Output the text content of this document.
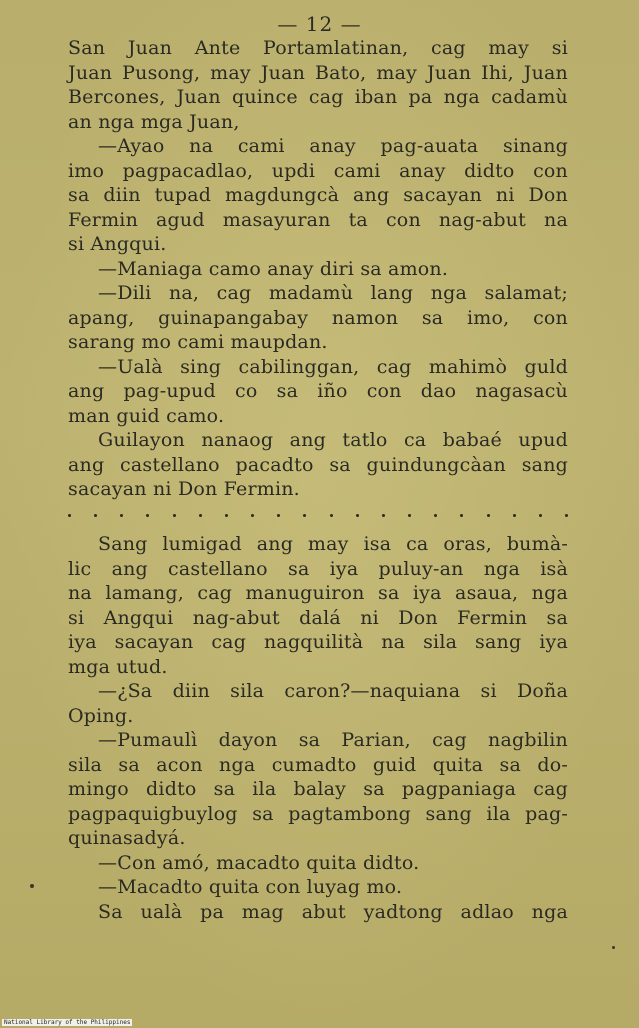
— 12 —
San Juan Ante Portamlatinan, cag may si
Juan Pusong, may Juan Bato, may Juan Ihi, Juan
Bercones, Juan quince cag iban pa nga cadamù
an nga mga Juan,
—Ayao na cami anay pag-auata sinang
imo pagpacadlao, updi cami anay didto con
sa diin tupad magdungcà ang sacayan ni Don
Fermin agud masayuran ta con nag-abut na
si Angqui.
—Maniaga camo anay diri sa amon.
—Dili na, cag madamù lang nga salamat;
apang, guinapangabay namon sa imo, con
sarang mo cami maupdan.
—Ualà sing cabilinggan, cag mahimò guld
ang pag-upud co sa iño con dao nagasacù
man guid camo.
Guilayon nanaog ang tatlo ca babaé upud
ang castellano pacadto sa guindungcàan sang
sacayan ni Don Fermin.
Sang lumigad ang may isa ca oras, bumà-
lic ang castellano sa iya puluy-an nga isà
na lamang, cag manuguiron sa iya asaua, nga
si Angqui nag-abut dalá ni Don Fermin sa
iya sacayan cag nagquilità na sila sang iya
mga utud.
—¿Sa diin sila caron?—naquiana si Doña
Oping.
—Pumaulì dayon sa Parian, cag nagbilin
sila sa acon nga cumadto guid quita sa do-
mingo didto sa ila balay sa pagpaniaga cag
pagpaquigbuylog sa pagtambong sang ila pag-
quinasadyá.
—Con amó, macadto quita didto.
—Macadto quita con luyag mo.
Sa ualà pa mag abut yadtong adlao nga
National Library of the Philippines
